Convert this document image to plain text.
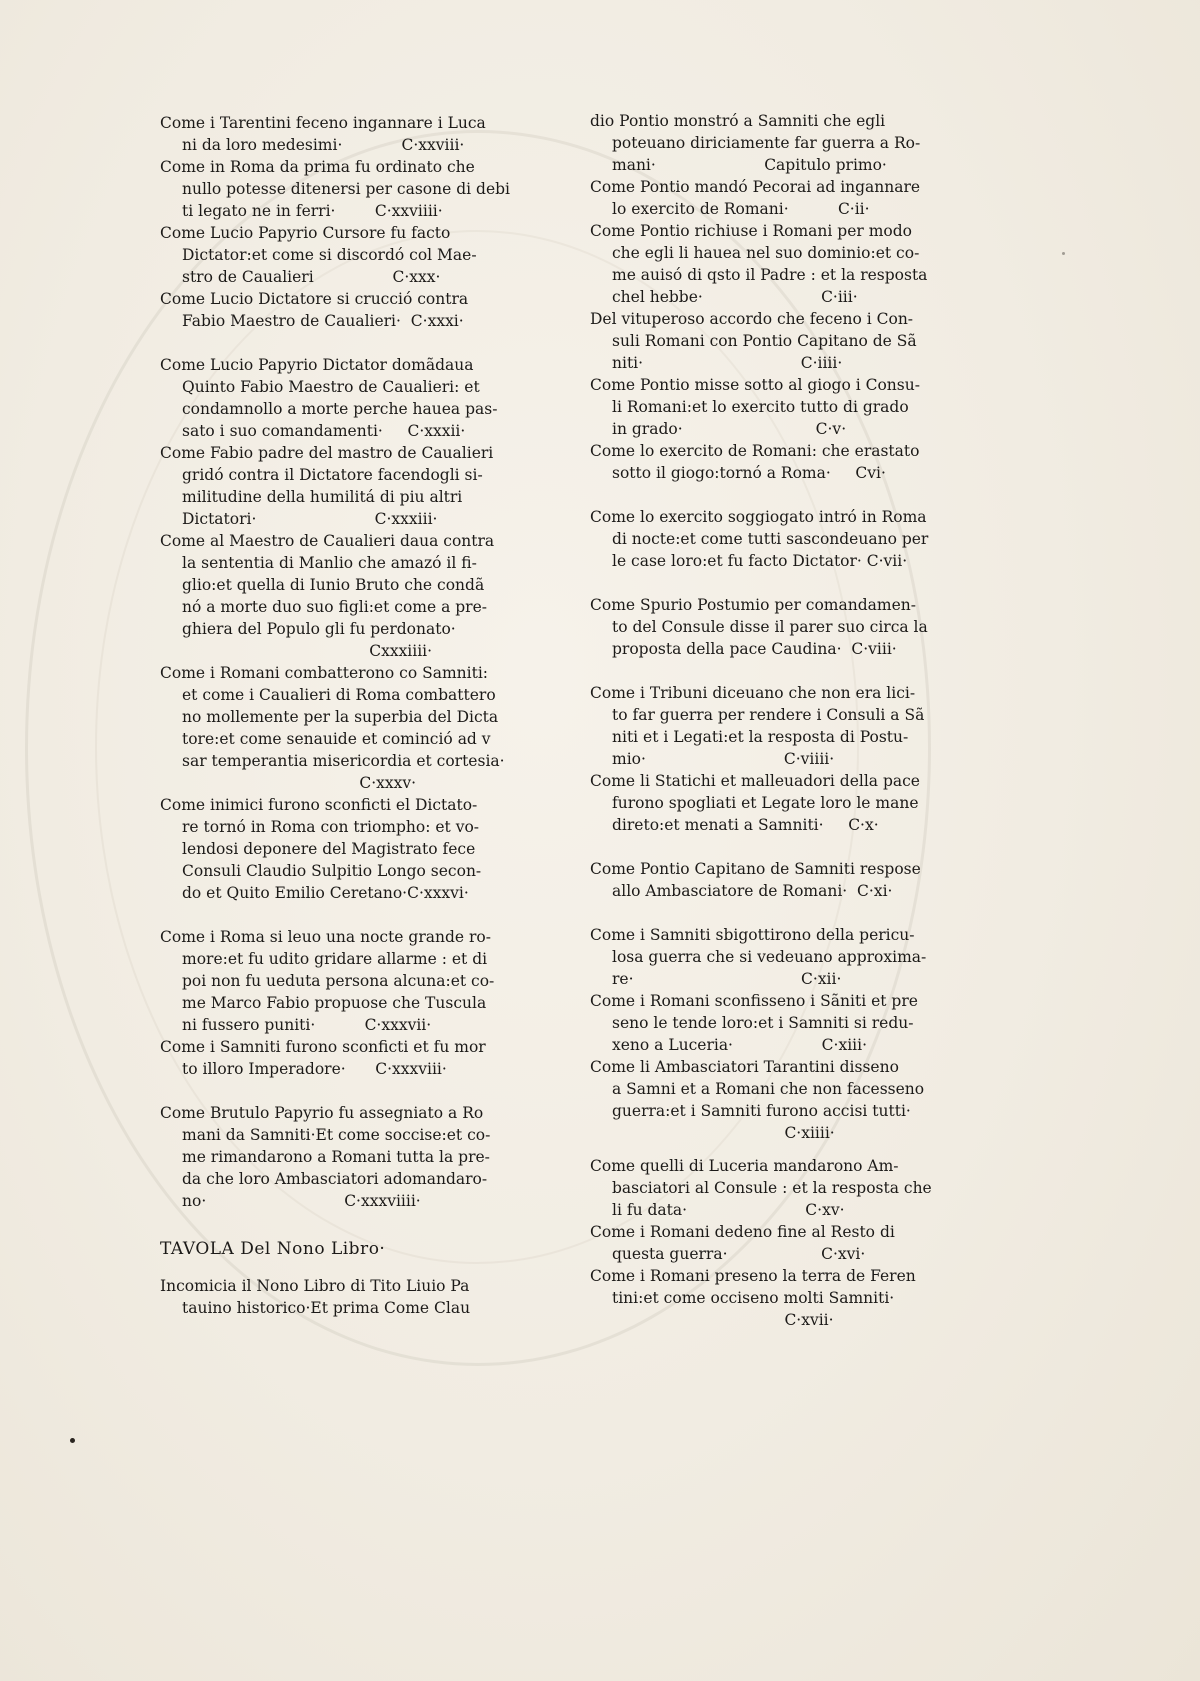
Come i Tarentini feceno ingannare i Luca
ni da loro medesimi·            C·xxviii·
Come in Roma da prima fu ordinato che
nullo potesse ditenersi per casone di debi
ti legato ne in ferri·        C·xxviiii·
Come Lucio Papyrio Cursore fu facto
Dictator:et come si discordó col Mae-
stro de Caualieri                C·xxx·
Come Lucio Dictatore si crucció contra
Fabio Maestro de Caualieri·  C·xxxi·
Come Lucio Papyrio Dictator domãdaua
Quinto Fabio Maestro de Caualieri: et
condamnollo a morte perche hauea pas-
sato i suo comandamenti·     C·xxxii·
Come Fabio padre del mastro de Caualieri
gridó contra il Dictatore facendogli si-
militudine della humilitá di piu altri
Dictatori·                        C·xxxiii·
Come al Maestro de Caualieri daua contra
la sententia di Manlio che amazó il fi-
glio:et quella di Iunio Bruto che condã
nó a morte duo suo figli:et come a pre-
ghiera del Populo gli fu perdonato·
Cxxxiiii·
Come i Romani combatterono co Samniti:
et come i Caualieri di Roma combattero
no mollemente per la superbia del Dicta
tore:et come senauide et cominció ad v
sar temperantia misericordia et cortesia·
C·xxxv·
Come inimici furono sconficti el Dictato-
re tornó in Roma con triompho: et vo-
lendosi deponere del Magistrato fece
Consuli Claudio Sulpitio Longo secon-
do et Quito Emilio Ceretano·C·xxxvi·
Come i Roma si leuo una nocte grande ro-
more:et fu udito gridare allarme : et di
poi non fu ueduta persona alcuna:et co-
me Marco Fabio propuose che Tuscula
ni fussero puniti·          C·xxxvii·
Come i Samniti furono sconficti et fu mor
to illoro Imperadore·      C·xxxviii·
Come Brutulo Papyrio fu assegniato a Ro
mani da Samniti·Et come soccise:et co-
me rimandarono a Romani tutta la pre-
da che loro Ambasciatori adomandaro-
no·                            C·xxxviiii·
TAVOLA Del Nono Libro·
Incomicia il Nono Libro di Tito Liuio Pa
tauino historico·Et prima Come Clau
dio Pontio monstró a Samniti che egli
poteuano diriciamente far guerra a Ro-
mani·                      Capitulo primo·
Come Pontio mandó Pecorai ad ingannare
lo exercito de Romani·          C·ii·
Come Pontio richiuse i Romani per modo
che egli li hauea nel suo dominio:et co-
me auisó di qsto il Padre : et la resposta
chel hebbe·                        C·iii·
Del vituperoso accordo che feceno i Con-
suli Romani con Pontio Capitano de Sã
niti·                                C·iiii·
Come Pontio misse sotto al giogo i Consu-
li Romani:et lo exercito tutto di grado
in grado·                           C·v·
Come lo exercito de Romani: che erastato
sotto il giogo:tornó a Roma·     Cvi·
Come lo exercito soggiogato intró in Roma
di nocte:et come tutti sascondeuano per
le case loro:et fu facto Dictator· C·vii·
Come Spurio Postumio per comandamen-
to del Consule disse il parer suo circa la
proposta della pace Caudina·  C·viii·
Come i Tribuni diceuano che non era lici-
to far guerra per rendere i Consuli a Sã
niti et i Legati:et la resposta di Postu-
mio·                            C·viiii·
Come li Statichi et malleuadori della pace
furono spogliati et Legate loro le mane
direto:et menati a Samniti·     C·x·
Come Pontio Capitano de Samniti respose
allo Ambasciatore de Romani·  C·xi·
Come i Samniti sbigottirono della pericu-
losa guerra che si vedeuano approxima-
re·                                  C·xii·
Come i Romani sconfisseno i Sãniti et pre
seno le tende loro:et i Samniti si redu-
xeno a Luceria·                  C·xiii·
Come li Ambasciatori Tarantini disseno
a Samni et a Romani che non facesseno
guerra:et i Samniti furono accisi tutti·
C·xiiii·
Come quelli di Luceria mandarono Am-
basciatori al Consule : et la resposta che
li fu data·                        C·xv·
Come i Romani dedeno fine al Resto di
questa guerra·                   C·xvi·
Come i Romani preseno la terra de Feren
tini:et come occiseno molti Samniti·
C·xvii·
